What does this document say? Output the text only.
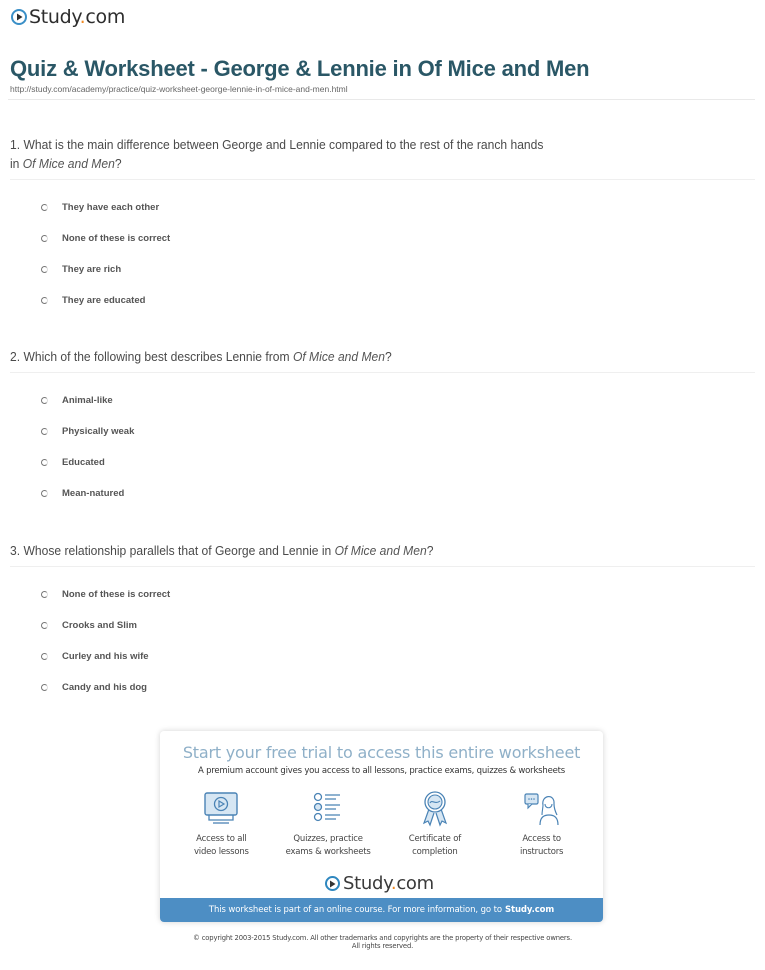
Study.com
Quiz & Worksheet - George & Lennie in Of Mice and Men
http://study.com/academy/practice/quiz-worksheet-george-lennie-in-of-mice-and-men.html
1. What is the main difference between George and Lennie compared to the rest of the ranch hands
in Of Mice and Men?
They have each other
None of these is correct
They are rich
They are educated
2. Which of the following best describes Lennie from Of Mice and Men?
Animal-like
Physically weak
Educated
Mean-natured
3. Whose relationship parallels that of George and Lennie in Of Mice and Men?
None of these is correct
Crooks and Slim
Curley and his wife
Candy and his dog
Start your free trial to access this entire worksheet
A premium account gives you access to all lessons, practice exams, quizzes & worksheets
Access to all
video lessons
Quizzes, practice
exams & worksheets
Certificate of
completion
Access to
instructors
Study.com
This worksheet is part of an online course. For more information, go to Study.com
© copyright 2003-2015 Study.com. All other trademarks and copyrights are the property of their respective owners.
All rights reserved.
